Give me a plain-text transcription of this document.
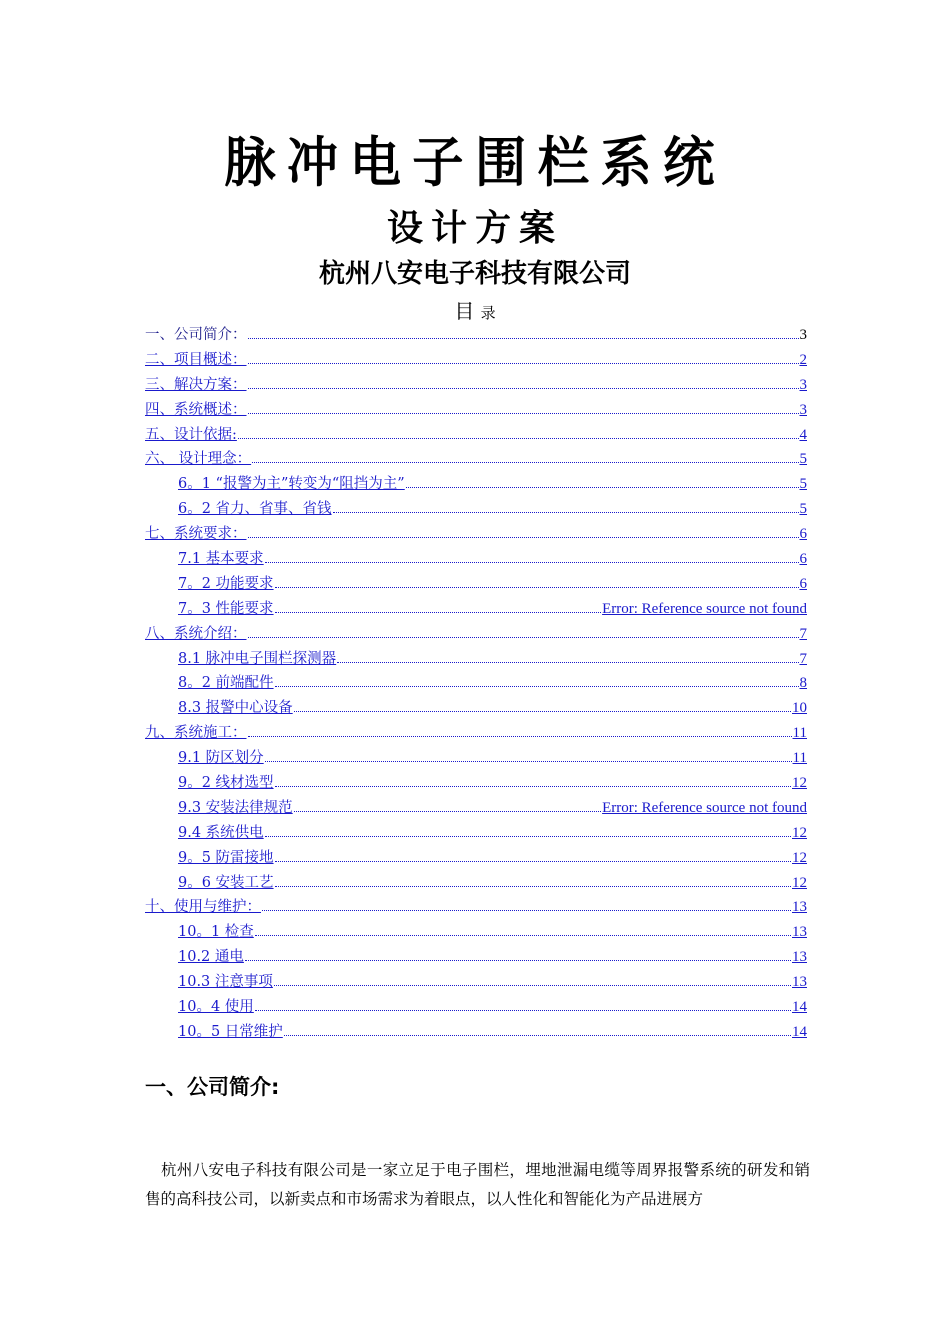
脉冲电子围栏系统
设计方案
杭州八安电子科技有限公司
目 录
一、公司简介：	3
二、项目概述：	2
三、解决方案：	3
四、系统概述：	3
五、设计依据:	4
六、 设计理念：	5
6。1 “报警为主”转变为“阻挡为主”	5
6。2 省力、省事、省钱	5
七、系统要求：	6
7.1 基本要求	6
7。2 功能要求	6
7。3 性能要求	Error: Reference source not found
八、系统介绍：	7
8.1 脉冲电子围栏探测器	7
8。2 前端配件	8
8.3 报警中心设备	10
九、系统施工：	11
9.1 防区划分	11
9。2 线材选型	12
9.3 安装法律规范	Error: Reference source not found
9.4 系统供电	12
9。5 防雷接地	12
9。6 安装工艺	12
十、使用与维护：	13
10。1 检查	13
10.2 通电	13
10.3 注意事项	13
10。4 使用	14
10。5 日常维护	14
一、公司简介:

杭州八安电子科技有限公司是一家立足于电子围栏，埋地泄漏电缆等周界报警系统的研发和销售的高科技公司，以新卖点和市场需求为着眼点，以人性化和智能化为产品进展方
